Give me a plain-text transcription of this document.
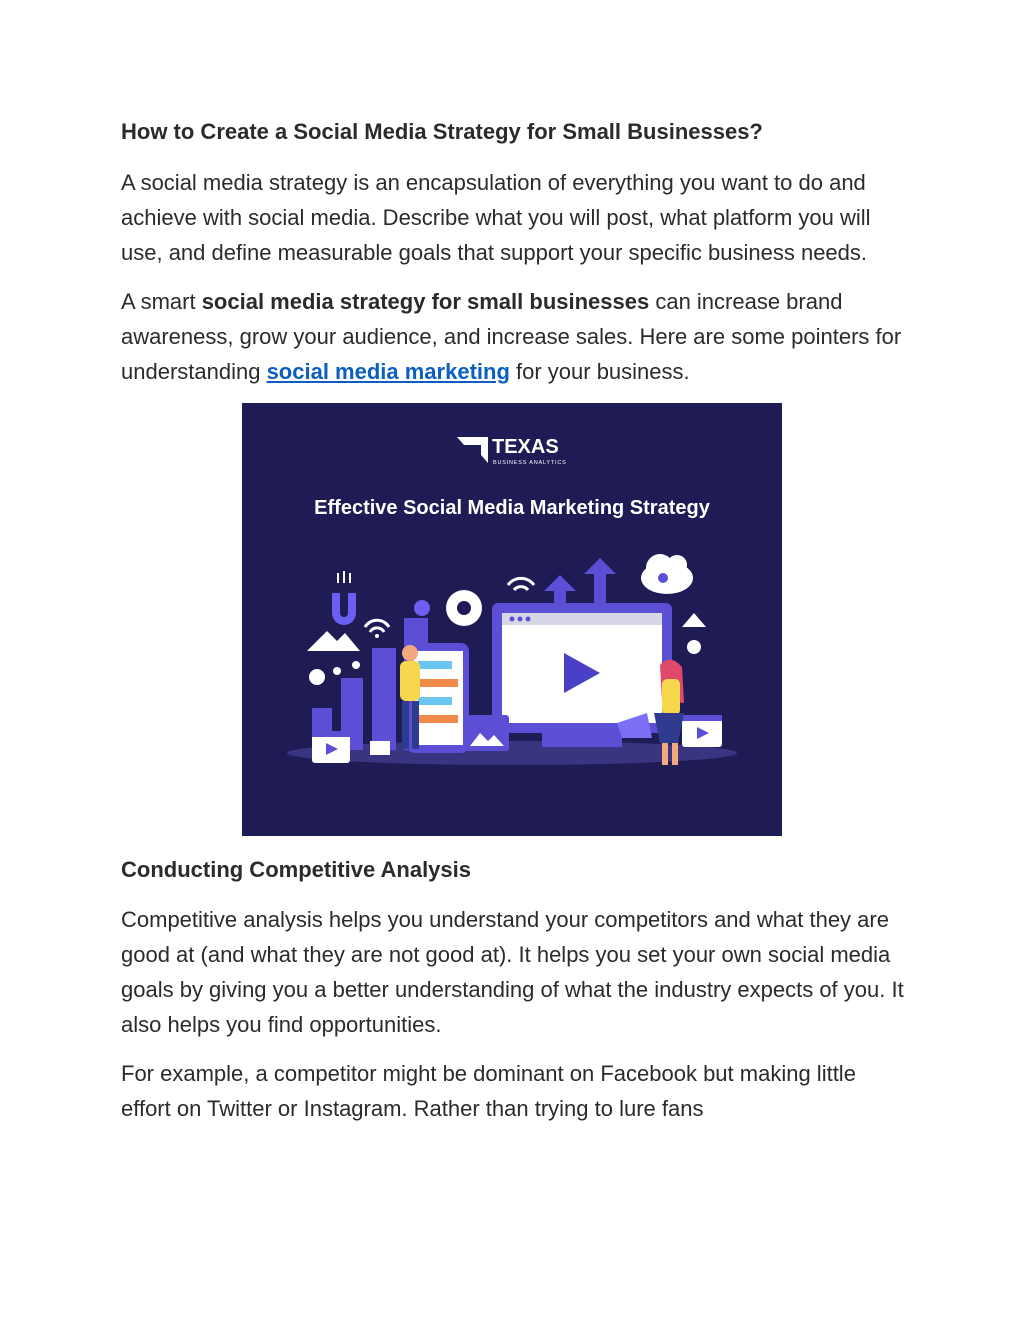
How to Create a Social Media Strategy for Small Businesses?

A social media strategy is an encapsulation of everything you want to do and achieve with social media. Describe what you will post, what platform you will use, and define measurable goals that support your specific business needs.

A smart social media strategy for small businesses can increase brand awareness, grow your audience, and increase sales. Here are some pointers for understanding social media marketing for your business.

TEXAS
BUSINESS ANALYTICS
Effective Social Media Marketing Strategy
Conducting Competitive Analysis

Competitive analysis helps you understand your competitors and what they are good at (and what they are not good at). It helps you set your own social media goals by giving you a better understanding of what the industry expects of you. It also helps you find opportunities.

For example, a competitor might be dominant on Facebook but making little effort on Twitter or Instagram. Rather than trying to lure fans
